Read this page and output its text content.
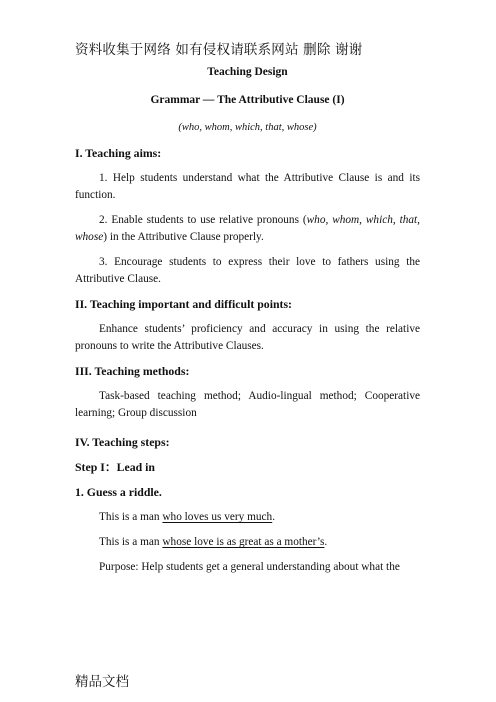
资料收集于网络 如有侵权请联系网站 删除 谢谢

Teaching Design

Grammar — The Attributive Clause (I)

(who, whom, which, that, whose)

I. Teaching aims:

1. Help students understand what the Attributive Clause is and its function.

2. Enable students to use relative pronouns (who, whom, which, that, whose) in the Attributive Clause properly.

3. Encourage students to express their love to fathers using the Attributive Clause.

II. Teaching important and difficult points:

Enhance students’ proficiency and accuracy in using the relative pronouns to write the Attributive Clauses.

III. Teaching methods:

Task-based teaching method; Audio-lingual method; Cooperative learning; Group discussion

IV. Teaching steps:

Step I：Lead in

1. Guess a riddle.

This is a man who loves us very much.

This is a man whose love is as great as a mother’s.

Purpose: Help students get a general understanding about what the

精品文档
